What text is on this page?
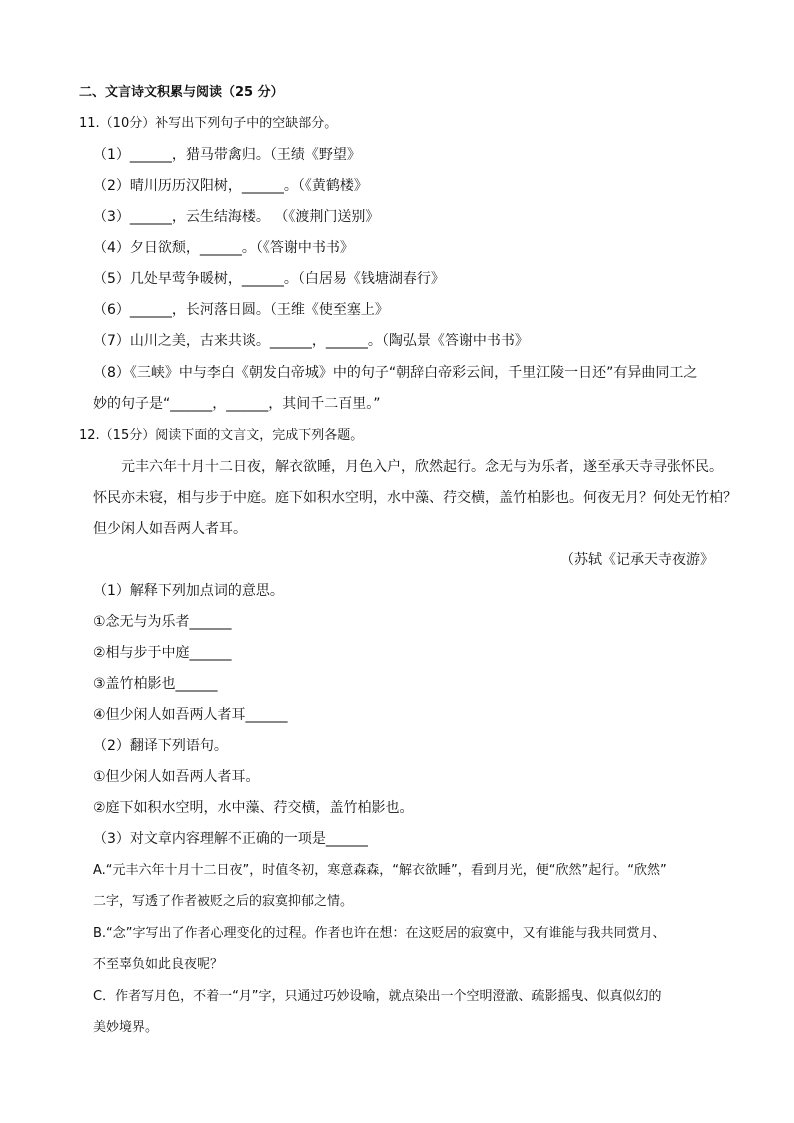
二、文言诗文积累与阅读（25 分）
11.（10分）补写出下列句子中的空缺部分。
（1）______，猎马带禽归。（王绩《野望》
（2）晴川历历汉阳树，______。（《黄鹤楼》
（3）______，云生结海楼。 （《渡荆门送别》
（4）夕日欲颓，______。（《答谢中书书》
（5）几处早莺争暖树，______。（白居易《钱塘湖春行》
（6）______，长河落日圆。（王维《使至塞上》
（7）山川之美，古来共谈。______，______。（陶弘景《答谢中书书》
（8）《三峡》中与李白《朝发白帝城》中的句子“朝辞白帝彩云间，千里江陵一日还”有异曲同工之
妙的句子是“______，______，其间千二百里。”
12.（15分）阅读下面的文言文，完成下列各题。
元丰六年十月十二日夜，解衣欲睡，月色入户，欣然起行。念无与为乐者，遂至承天寺寻张怀民。
怀民亦未寝，相与步于中庭。庭下如积水空明，水中藻、荇交横，盖竹柏影也。何夜无月？何处无竹柏？
但少闲人如吾两人者耳。
（苏轼《记承天寺夜游》
（1）解释下列加点词的意思。
①念无与为乐者______
②相与步于中庭______
③盖竹柏影也______
④但少闲人如吾两人者耳______
（2）翻译下列语句。
①但少闲人如吾两人者耳。
②庭下如积水空明，水中藻、荇交横，盖竹柏影也。
（3）对文章内容理解不正确的一项是______
A.“元丰六年十月十二日夜”，时值冬初，寒意森森，“解衣欲睡”，看到月光，便“欣然”起行。“欣然”
二字，写透了作者被贬之后的寂寞抑郁之情。
B.“念”字写出了作者心理变化的过程。作者也许在想：在这贬居的寂寞中，又有谁能与我共同赏月、
不至辜负如此良夜呢？
C．作者写月色，不着一“月”字，只通过巧妙设喻，就点染出一个空明澄澈、疏影摇曳、似真似幻的
美妙境界。
